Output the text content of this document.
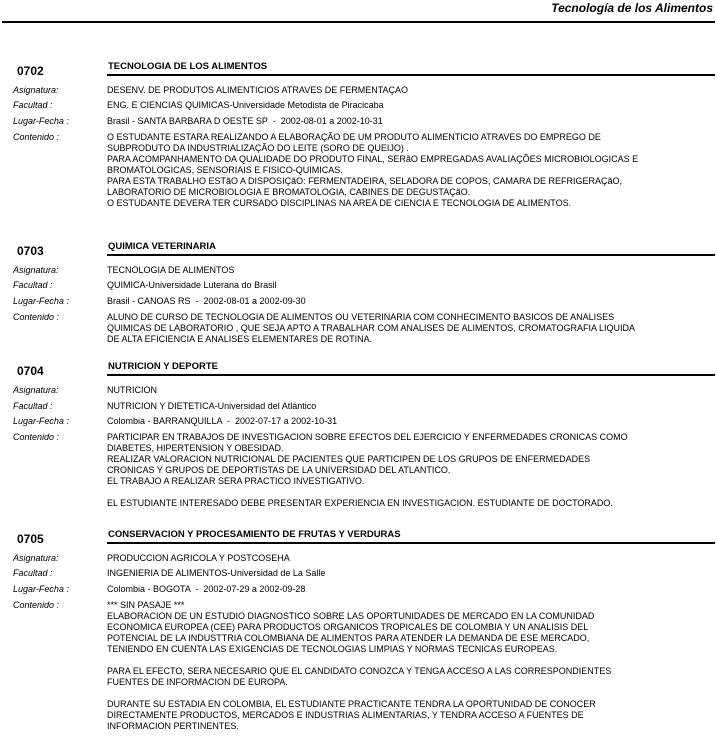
Tecnología de los Alimentos
0702	TECNOLOGIA DE LOS ALIMENTOS
Asignatura:	DESENV. DE PRODUTOS ALIMENTICIOS ATRAVES DE FERMENTAÇAO
Facultad :	ENG. E CIENCIAS QUIMICAS-Universidade Metodista de Piracicaba
Lugar-Fecha :	Brasil - SANTA BARBARA D OESTE SP  -  2002-08-01 a 2002-10-31
Contenido :	O ESTUDANTE ESTARA REALIZANDO A ELABORAÇÃO DE UM PRODUTO ALIMENTICIO ATRAVES DO EMPREGO DE
SUBPRODUTO DA INDUSTRIALIZAÇÃO DO LEITE (SORO DE QUEIJO) .
PARA ACOMPANHAMENTO DA QUALIDADE DO PRODUTO FINAL, SERãO EMPREGADAS AVALIAÇÕES MICROBIOLOGICAS E
BROMATOLOGICAS, SENSORIAIS E FISICO-QUIMICAS.
PARA ESTA TRABALHO ESTãO A DISPOSIÇãO: FERMENTADEIRA, SELADORA DE COPOS, CAMARA DE REFRIGERAÇãO,
LABORATORIO DE MICROBIOLOGIA E BROMATOLOGIA, CABINES DE DEGUSTAÇãO.
O ESTUDANTE DEVERA TER CURSADO DISCIPLINAS NA AREA DE CIENCIA E TECNOLOGIA DE ALIMENTOS.
0703	QUIMICA VETERINARIA
Asignatura:	TECNOLOGIA DE ALIMENTOS
Facultad :	QUIMICA-Universidade Luterana do Brasil
Lugar-Fecha :	Brasil - CANOAS RS  -  2002-08-01 a 2002-09-30
Contenido :	ALUNO DE CURSO DE TECNOLOGIA DE ALIMENTOS OU VETERINARIA COM CONHECIMENTO BASICOS DE ANALISES
QUIMICAS DE LABORATORIO , QUE SEJA APTO A TRABALHAR COM ANALISES DE ALIMENTOS, CROMATOGRAFIA LIQUIDA
DE ALTA EFICIENCIA E ANALISES ELEMENTARES DE ROTINA.
0704	NUTRICION Y DEPORTE
Asignatura:	NUTRICION
Facultad :	NUTRICION Y DIETETICA-Universidad del Atlántico
Lugar-Fecha :	Colombia - BARRANQUILLA  -  2002-07-17 a 2002-10-31
Contenido :	PARTICIPAR EN TRABAJOS DE INVESTIGACION SOBRE EFECTOS DEL EJERCICIO Y ENFERMEDADES CRONICAS COMO
DIABETES, HIPERTENSION Y OBESIDAD.
REALIZAR VALORACION NUTRICIONAL DE PACIENTES QUE PARTICIPEN DE LOS GRUPOS DE ENFERMEDADES
CRONICAS Y GRUPOS DE DEPORTISTAS DE LA UNIVERSIDAD DEL ATLANTICO.
EL TRABAJO A REALIZAR SERA PRACTICO INVESTIGATIVO.

EL ESTUDIANTE INTERESADO DEBE PRESENTAR EXPERIENCIA EN INVESTIGACION. ESTUDIANTE DE DOCTORADO.
0705	CONSERVACION Y PROCESAMIENTO DE FRUTAS Y VERDURAS
Asignatura:	PRODUCCION AGRICOLA Y POSTCOSEHA
Facultad :	INGENIERIA DE ALIMENTOS-Universidad de La Salle
Lugar-Fecha :	Colombia - BOGOTA  -  2002-07-29 a 2002-09-28
Contenido :	*** SIN PASAJE ***
ELABORACION DE UN ESTUDIO DIAGNOSTICO SOBRE LAS OPORTUNIDADES DE MERCADO EN LA COMUNIDAD
ECONOMICA EUROPEA (CEE) PARA PRODUCTOS ORGANICOS TROPICALES DE COLOMBIA Y UN ANALISIS DEL
POTENCIAL DE LA INDUSTTRIA COLOMBIANA DE ALIMENTOS PARA ATENDER LA DEMANDA DE ESE MERCADO,
TENIENDO EN CUENTA LAS EXIGENCIAS DE TECNOLOGIAS LIMPIAS Y NORMAS TECNICAS EUROPEAS.

PARA EL EFECTO, SERA NECESARIO QUE EL CANDIDATO CONOZCA Y TENGA ACCESO A LAS CORRESPONDIENTES
FUENTES DE INFORMACION DE EUROPA.

DURANTE SU ESTADIA EN COLOMBIA, EL ESTUDIANTE PRACTICANTE TENDRA LA OPORTUNIDAD DE CONOCER
DIRECTAMENTE PRODUCTOS, MERCADOS E INDUSTRIAS ALIMENTARIAS, Y TENDRA ACCESO A FUENTES DE
INFORMACION PERTINENTES.
